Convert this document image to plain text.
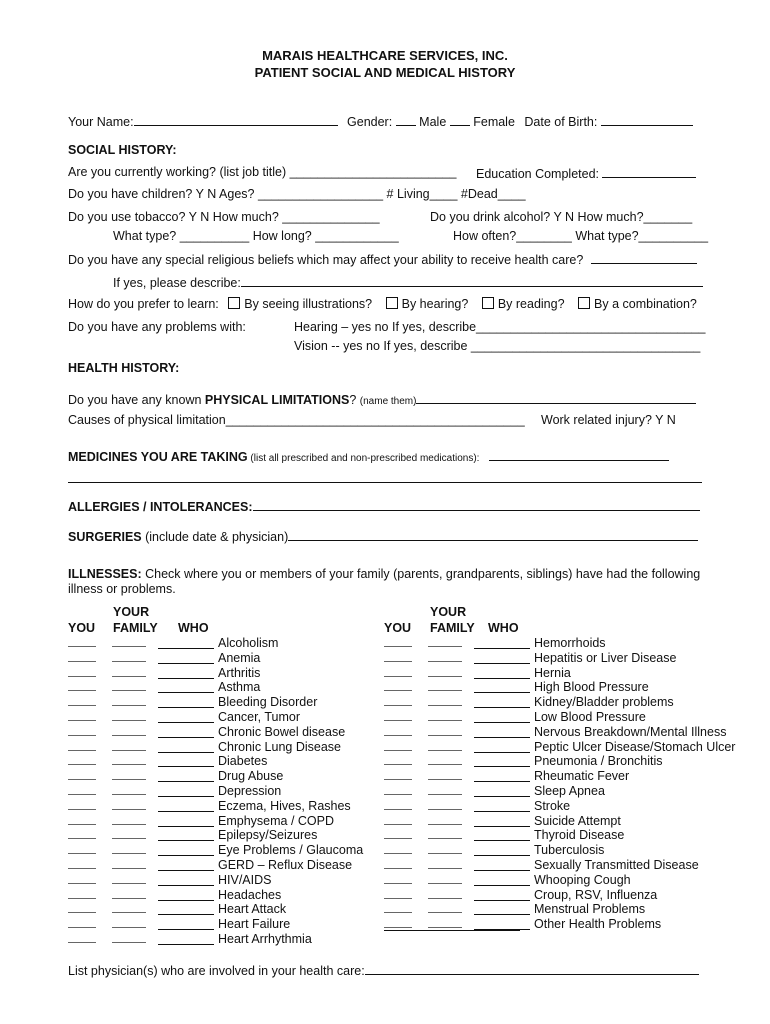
MARAIS HEALTHCARE SERVICES, INC.
PATIENT SOCIAL AND MEDICAL HISTORY
Your Name:	Gender: Male Female Date of Birth:
SOCIAL HISTORY:
Are you currently working? (list job title) ________________________ Education Completed:
Do you have children? Y N Ages? __________________ # Living____ #Dead____
Do you use tobacco? Y N How much? ______________
What type? __________ How long? ____________
Do you drink alcohol? Y N How much?_______
How often?________ What type?__________
Do you have any special religious beliefs which may affect your ability to receive health care?
If yes, please describe:
How do you prefer to learn: By seeing illustrations? By hearing? By reading? By a combination?
Do you have any problems with:	Hearing – yes no If yes, describe_________________________________
Vision -- yes no If yes, describe _________________________________
HEALTH HISTORY:
Do you have any known PHYSICAL LIMITATIONS? (name them)
Causes of physical limitation___________________________________________ Work related injury? Y N
MEDICINES YOU ARE TAKING (list all prescribed and non-prescribed medications):
ALLERGIES / INTOLERANCES:
SURGERIES (include date & physician)
ILLNESSES: Check where you or members of your family (parents, grandparents, siblings) have had the following
illness or problems.
YOUR
YOU FAMILY WHO
YOUR
YOU FAMILY WHO
Alcoholism
Anemia
Arthritis
Asthma
Bleeding Disorder
Cancer, Tumor
Chronic Bowel disease
Chronic Lung Disease
Diabetes
Drug Abuse
Depression
Eczema, Hives, Rashes
Emphysema / COPD
Epilepsy/Seizures
Eye Problems / Glaucoma
GERD – Reflux Disease
HIV/AIDS
Headaches
Heart Attack
Heart Failure
Heart Arrhythmia
Hemorrhoids
Hepatitis or Liver Disease
Hernia
High Blood Pressure
Kidney/Bladder problems
Low Blood Pressure
Nervous Breakdown/Mental Illness
Peptic Ulcer Disease/Stomach Ulcer
Pneumonia / Bronchitis
Rheumatic Fever
Sleep Apnea
Stroke
Suicide Attempt
Thyroid Disease
Tuberculosis
Sexually Transmitted Disease
Whooping Cough
Croup, RSV, Influenza
Menstrual Problems
Other Health Problems
List physician(s) who are involved in your health care:
